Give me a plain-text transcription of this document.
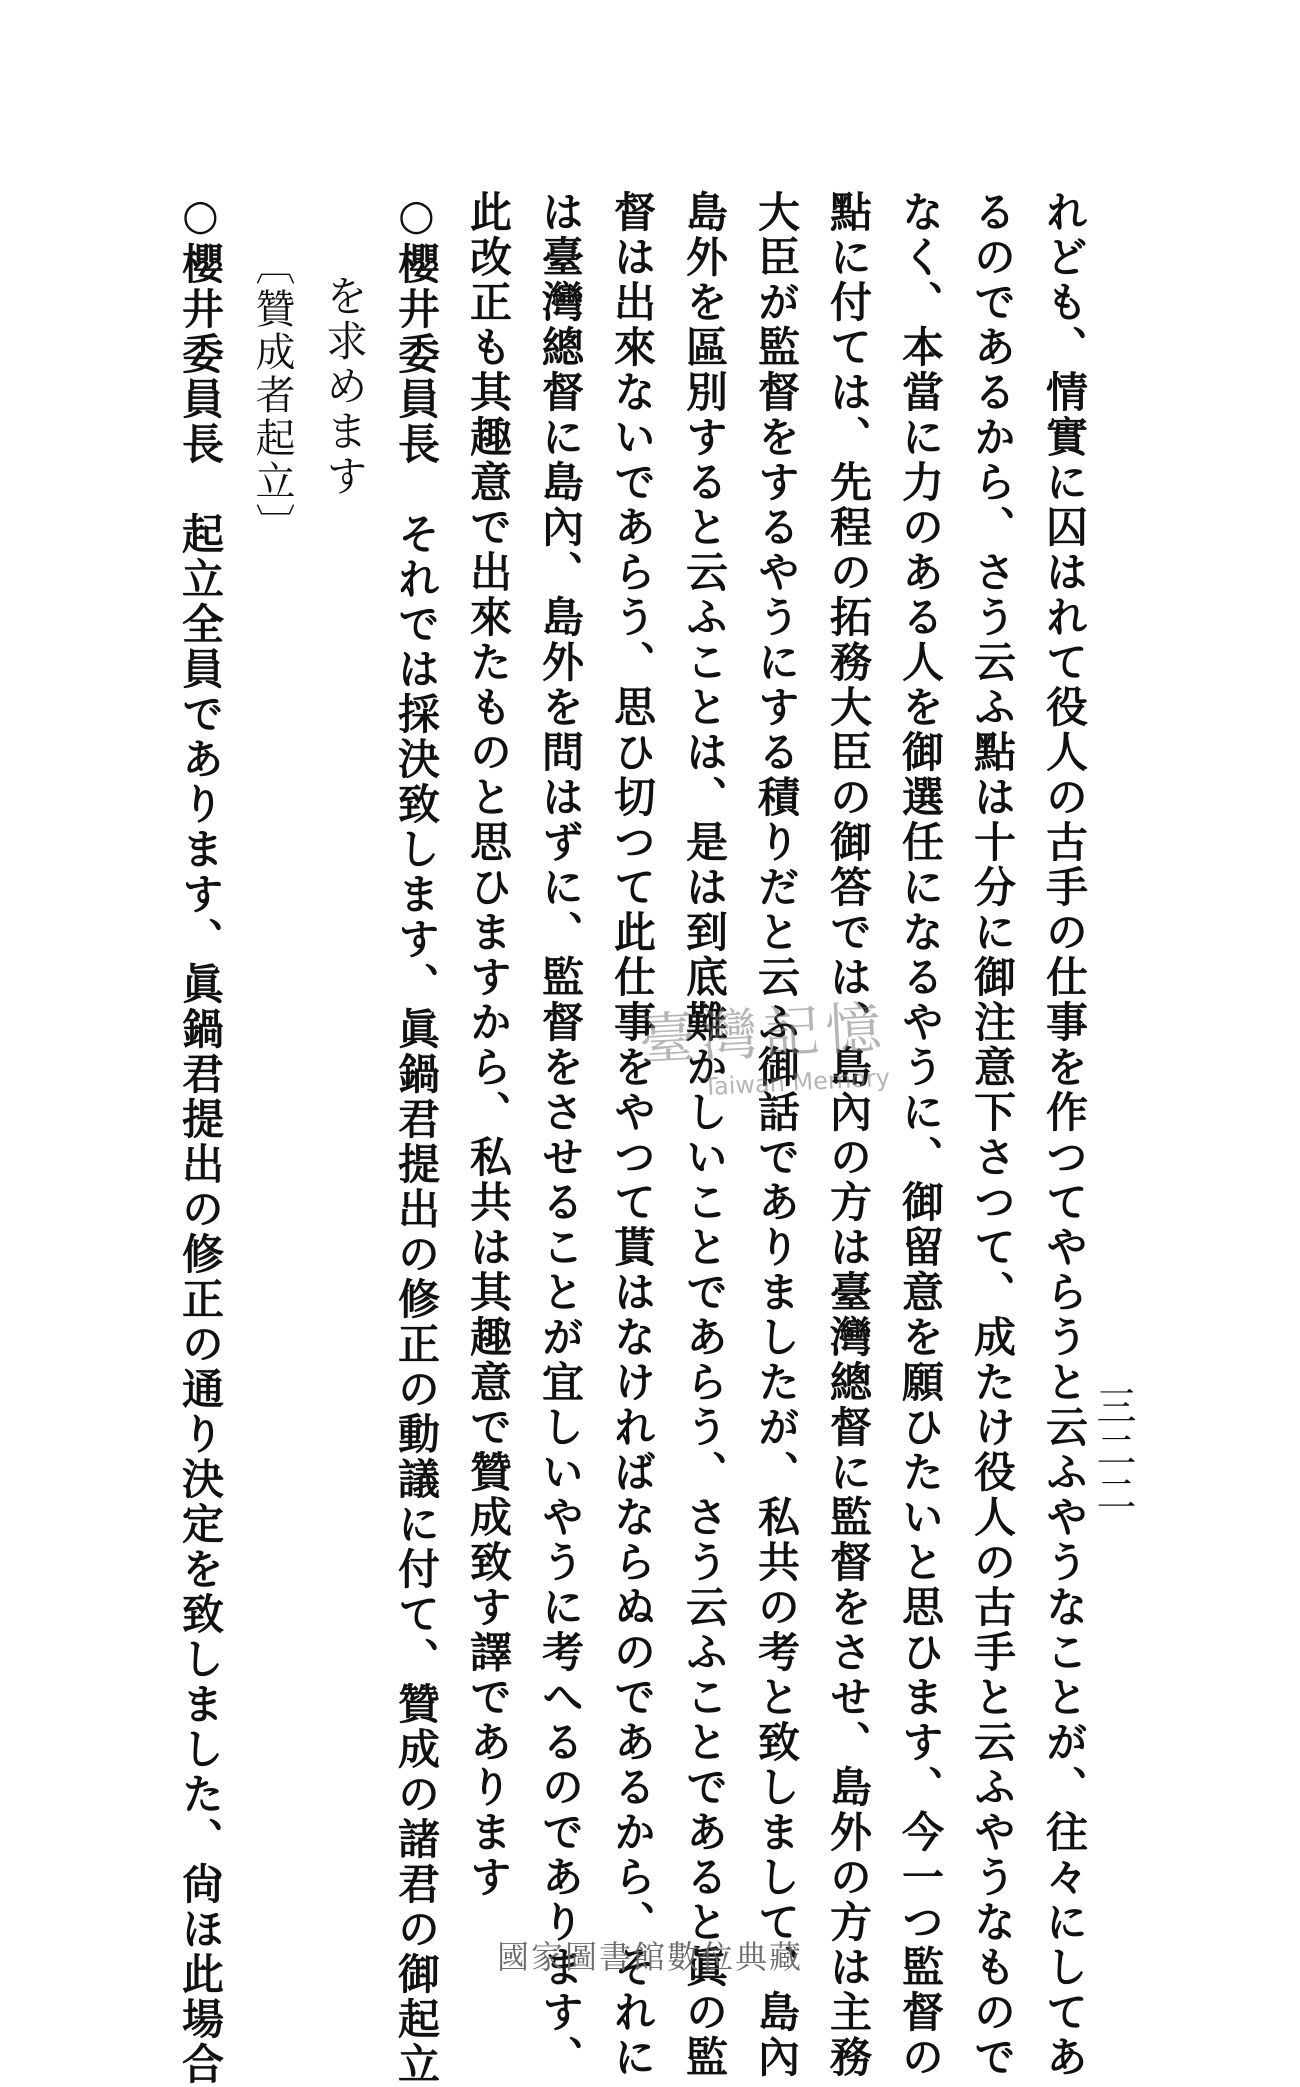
三二二
れども、情實に囚はれて役人の古手の仕事を作つてやらうと云ふやうなことが、往々にしてあ
るのであるから、さう云ふ點は十分に御注意下さつて、成たけ役人の古手と云ふやうなもので
なく、本當に力のある人を御選任になるやうに、御留意を願ひたいと思ひます、今一つ監督の
點に付ては、先程の拓務大臣の御答では、島內の方は臺灣總督に監督をさせ、島外の方は主務
大臣が監督をするやうにする積りだと云ふ御話でありましたが、私共の考と致しまして、島內
島外を區別すると云ふことは、是は到底難かしいことであらう、さう云ふことであると眞の監
督は出來ないであらう、思ひ切つて此仕事をやつて貰はなければならぬのであるから、それに
は臺灣總督に島內、島外を問はずに、監督をさせることが宜しいやうに考へるのであります、
此改正も其趣意で出來たものと思ひますから、私共は其趣意で贊成致す譯であります
○櫻井委員長　それでは採決致します、眞鍋君提出の修正の動議に付て、贊成の諸君の御起立
を求めます
〔贊成者起立〕
○櫻井委員長　起立全員であります、眞鍋君提出の修正の通り決定を致しました、尙ほ此場合	臺灣記憶
Taiwan Memory
國家圖書館數位典藏
